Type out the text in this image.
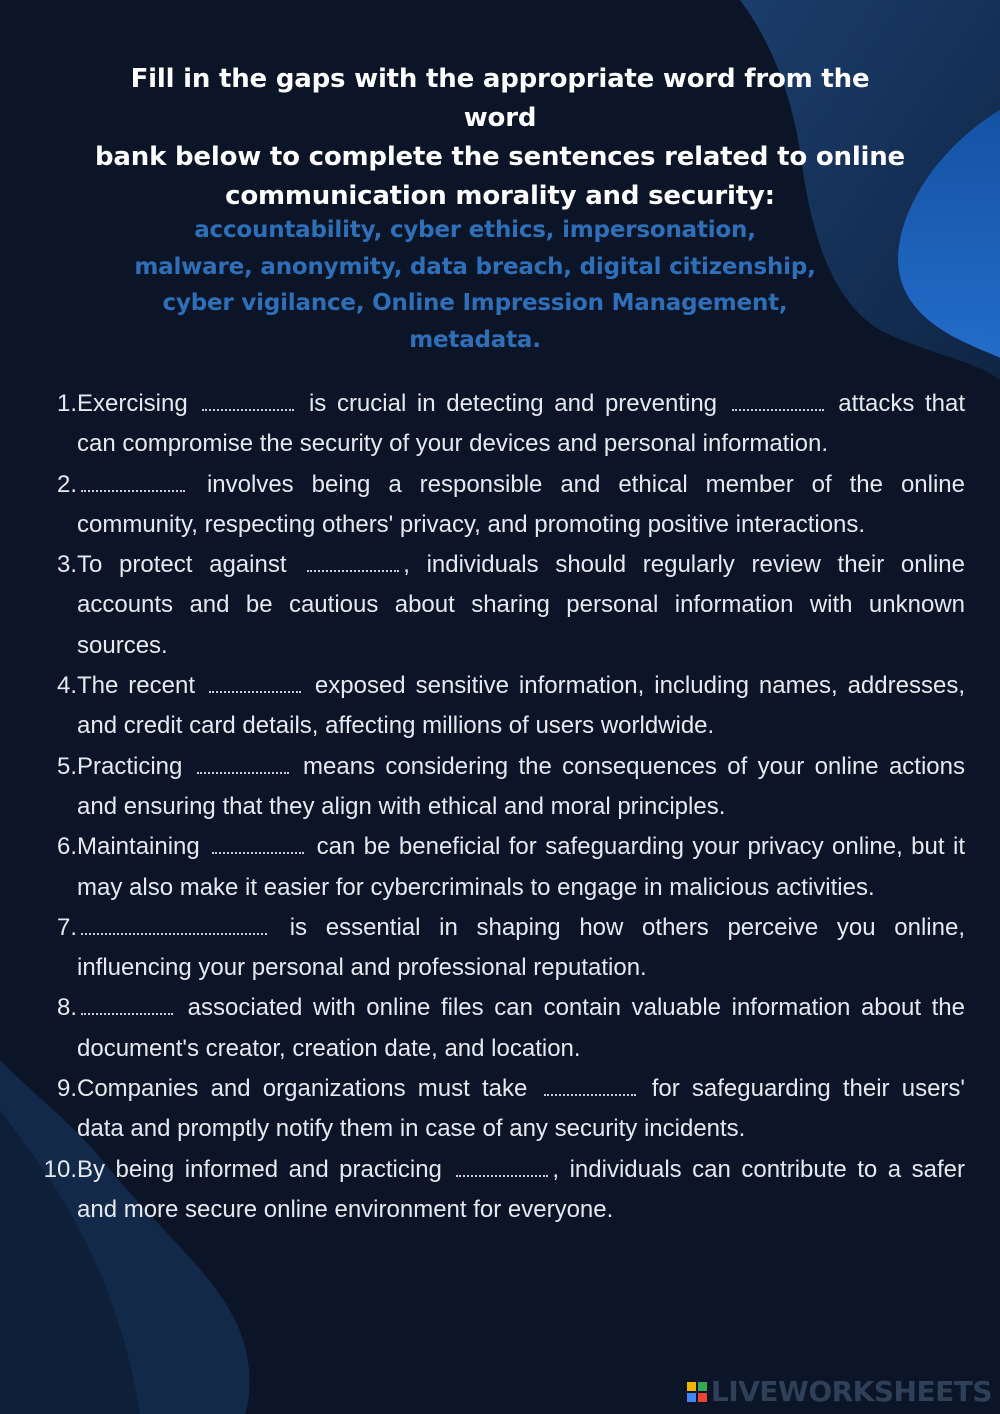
Fill in the gaps with the appropriate word from the word
bank below to complete the sentences related to online
communication morality and security:
accountability, cyber ethics, impersonation,
malware, anonymity, data breach, digital citizenship,
cyber vigilance, Online Impression Management,
metadata.
1. Exercising	is crucial in detecting and preventing	attacks that can compromise the security of your devices and personal information.
2.	involves being a responsible and ethical member of the online community, respecting others' privacy, and promoting positive interactions.
3. To protect against	, individuals should regularly review their online accounts and be cautious about sharing personal information with unknown sources.
4. The recent	exposed sensitive information, including names, addresses, and credit card details, affecting millions of users worldwide.
5. Practicing	means considering the consequences of your online actions and ensuring that they align with ethical and moral principles.
6. Maintaining	can be beneficial for safeguarding your privacy online, but it may also make it easier for cybercriminals to engage in malicious activities.
7.	is essential in shaping how others perceive you online, influencing your personal and professional reputation.
8.	associated with online files can contain valuable information about the document's creator, creation date, and location.
9. Companies and organizations must take	for safeguarding their users' data and promptly notify them in case of any security incidents.
10. By being informed and practicing	, individuals can contribute to a safer and more secure online environment for everyone.
LIVEWORKSHEETS
